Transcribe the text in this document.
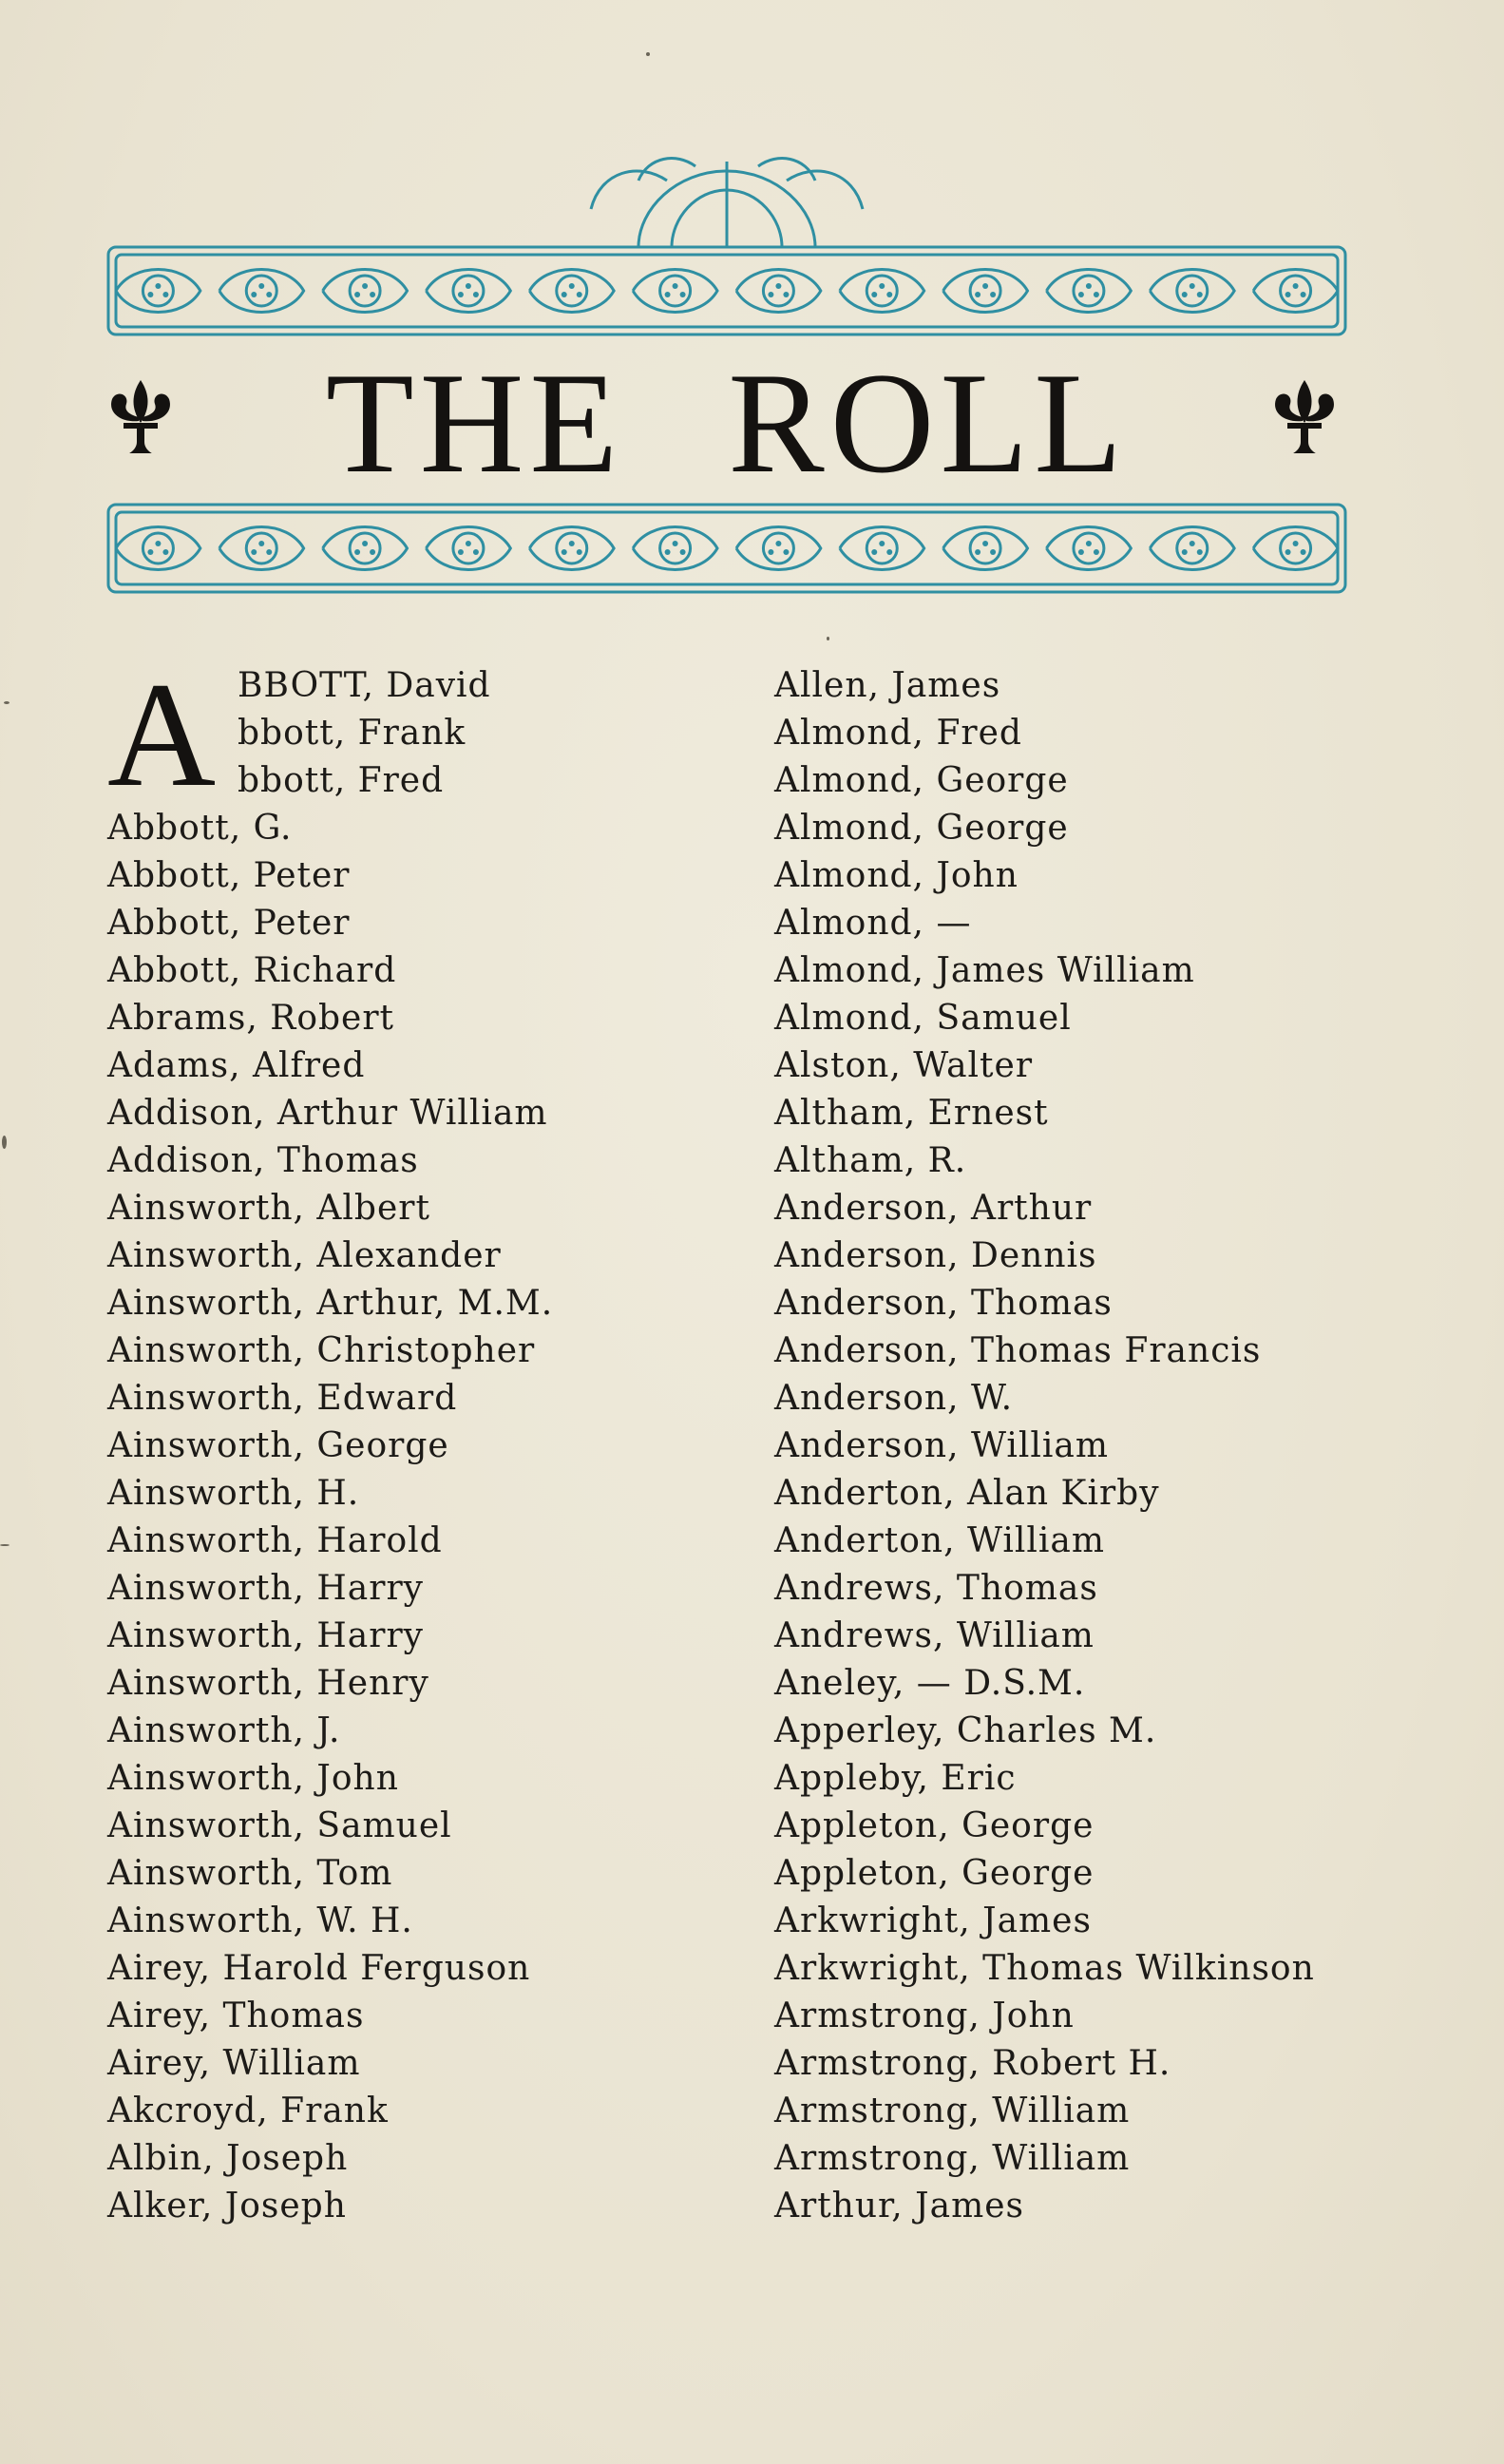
THE ROLL
A BBOTT, David
bbott, Frank
bbott, Fred
Abbott, G.
Abbott, Peter
Abbott, Peter
Abbott, Richard
Abrams, Robert
Adams, Alfred
Addison, Arthur William
Addison, Thomas
Ainsworth, Albert
Ainsworth, Alexander
Ainsworth, Arthur, M.M.
Ainsworth, Christopher
Ainsworth, Edward
Ainsworth, George
Ainsworth, H.
Ainsworth, Harold
Ainsworth, Harry
Ainsworth, Harry
Ainsworth, Henry
Ainsworth, J.
Ainsworth, John
Ainsworth, Samuel
Ainsworth, Tom
Ainsworth, W. H.
Airey, Harold Ferguson
Airey, Thomas
Airey, William
Akcroyd, Frank
Albin, Joseph
Alker, Joseph
Allen, James
Almond, Fred
Almond, George
Almond, George
Almond, John
Almond, —
Almond, James William
Almond, Samuel
Alston, Walter
Altham, Ernest
Altham, R.
Anderson, Arthur
Anderson, Dennis
Anderson, Thomas
Anderson, Thomas Francis
Anderson, W.
Anderson, William
Anderton, Alan Kirby
Anderton, William
Andrews, Thomas
Andrews, William
Aneley, — D.S.M.
Apperley, Charles M.
Appleby, Eric
Appleton, George
Appleton, George
Arkwright, James
Arkwright, Thomas Wilkinson
Armstrong, John
Armstrong, Robert H.
Armstrong, William
Armstrong, William
Arthur, James
